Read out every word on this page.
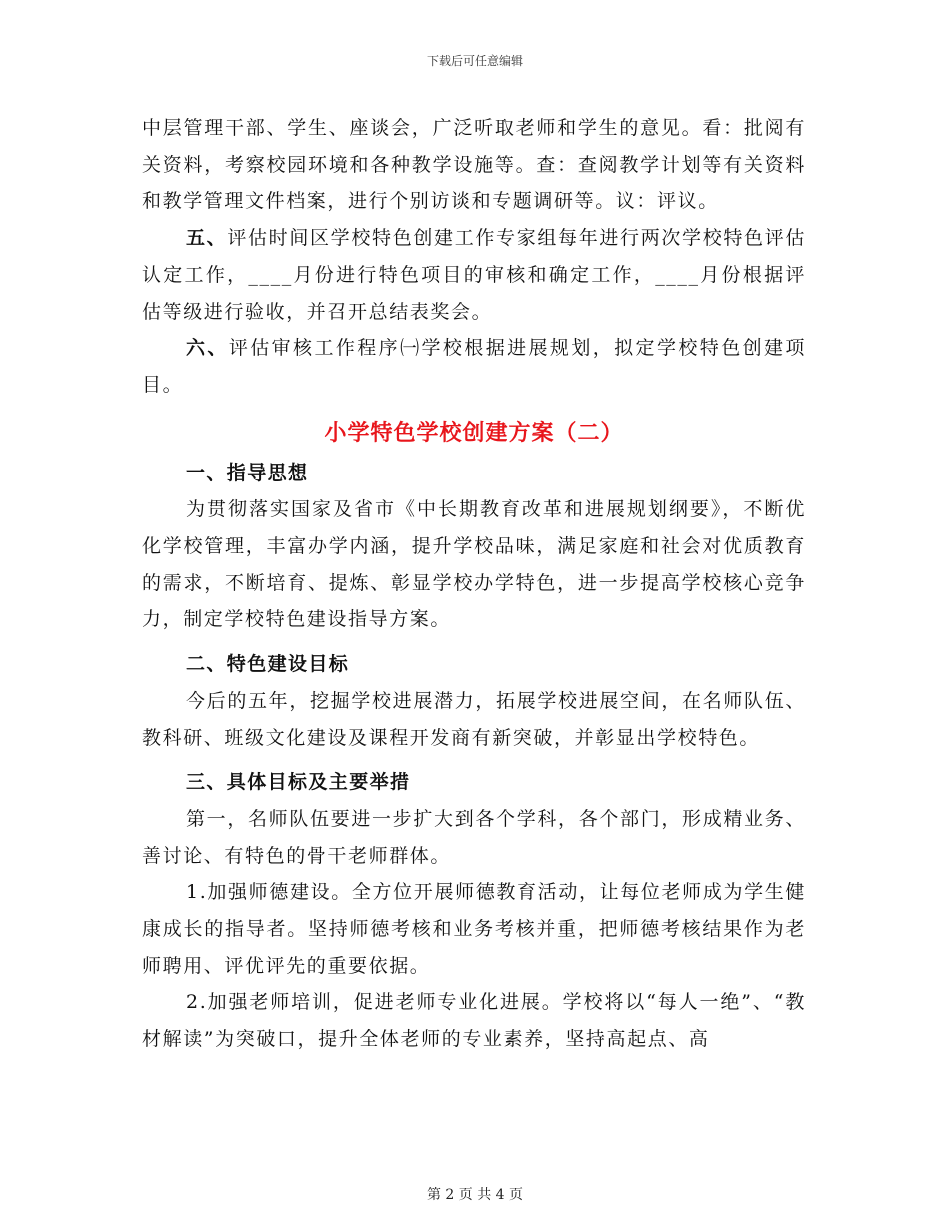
下载后可任意编辑

中层管理干部、学生、座谈会，广泛听取老师和学生的意见。看：批阅有关资料，考察校园环境和各种教学设施等。查：查阅教学计划等有关资料和教学管理文件档案，进行个别访谈和专题调研等。议：评议。

五、评估时间区学校特色创建工作专家组每年进行两次学校特色评估认定工作，____月份进行特色项目的审核和确定工作，____月份根据评估等级进行验收，并召开总结表奖会。

六、评估审核工作程序㈠学校根据进展规划，拟定学校特色创建项目。

小学特色学校创建方案（二）

一、指导思想

为贯彻落实国家及省市《中长期教育改革和进展规划纲要》，不断优化学校管理，丰富办学内涵，提升学校品味，满足家庭和社会对优质教育的需求，不断培育、提炼、彰显学校办学特色，进一步提高学校核心竞争力，制定学校特色建设指导方案。

二、特色建设目标

今后的五年，挖掘学校进展潜力，拓展学校进展空间，在名师队伍、教科研、班级文化建设及课程开发商有新突破，并彰显出学校特色。

三、具体目标及主要举措

第一，名师队伍要进一步扩大到各个学科，各个部门，形成精业务、善讨论、有特色的骨干老师群体。

1.加强师德建设。全方位开展师德教育活动，让每位老师成为学生健康成长的指导者。坚持师德考核和业务考核并重，把师德考核结果作为老师聘用、评优评先的重要依据。

2.加强老师培训，促进老师专业化进展。学校将以“每人一绝”、“教材解读”为突破口，提升全体老师的专业素养，坚持高起点、高

第 2 页 共 4 页
